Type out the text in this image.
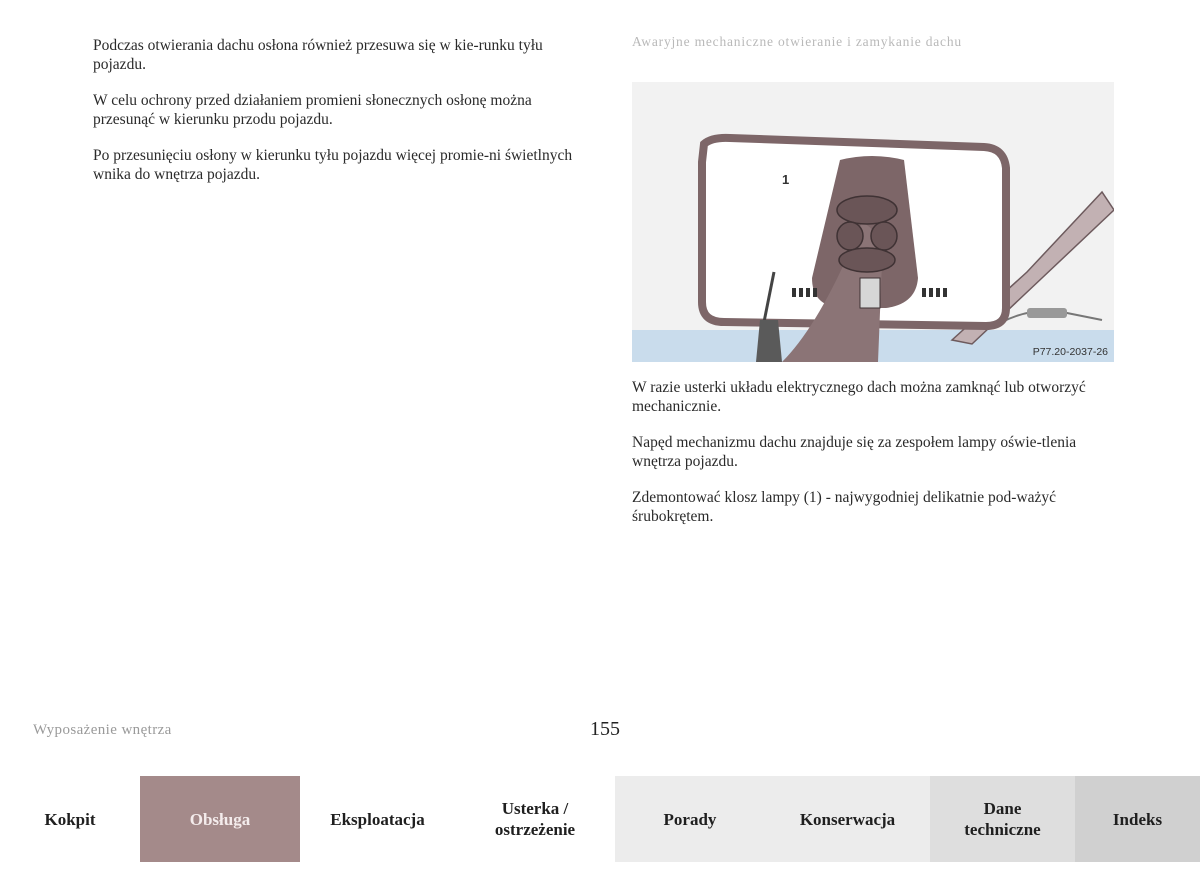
Podczas otwierania dachu osłona również przesuwa się w kie-runku tyłu pojazdu.

W celu ochrony przed działaniem promieni słonecznych osłonę można przesunąć w kierunku przodu pojazdu.

Po przesunięciu osłony w kierunku tyłu pojazdu więcej promie-ni świetlnych wnika do wnętrza pojazdu.

Awaryjne mechaniczne otwieranie i zamykanie dachu
1
P77.20-2037-26

W razie usterki układu elektrycznego dach można zamknąć lub otworzyć mechanicznie.

Napęd mechanizmu dachu znajduje się za zespołem lampy oświe-tlenia wnętrza pojazdu.

Zdemontować klosz lampy (1) - najwygodniej delikatnie pod-ważyć śrubokrętem.

Wyposażenie wnętrza	155
Kokpit	Obsługa	Eksploatacja
Usterka /
ostrzeżenie
Porady	Konserwacja
Dane
techniczne
Indeks
